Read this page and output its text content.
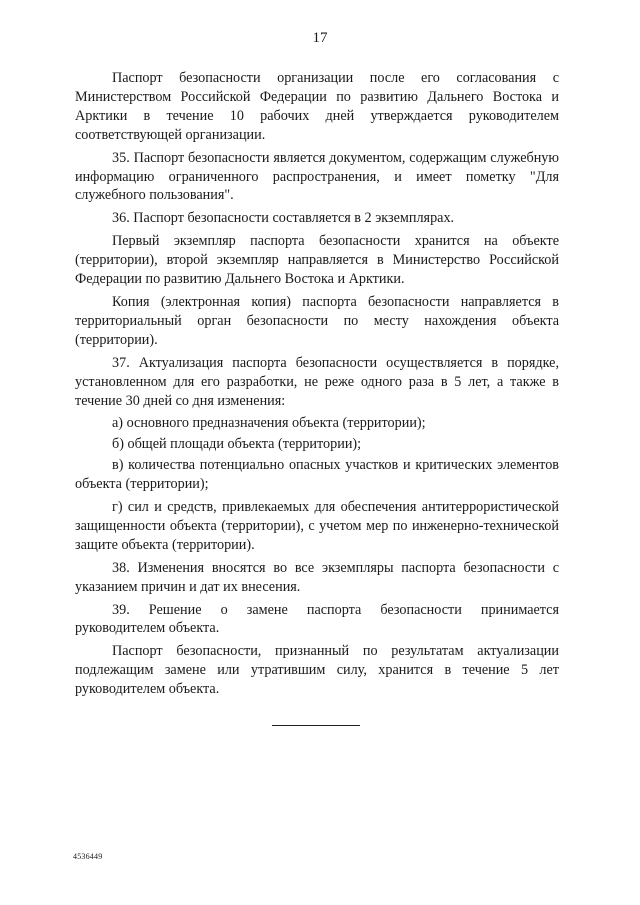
17

Паспорт безопасности организации после его согласования с Министерством Российской Федерации по развитию Дальнего Востока и Арктики в течение 10 рабочих дней утверждается руководителем соответствующей организации.

35. Паспорт безопасности является документом, содержащим служебную информацию ограниченного распространения, и имеет пометку "Для служебного пользования".

36. Паспорт безопасности составляется в 2 экземплярах.

Первый экземпляр паспорта безопасности хранится на объекте (территории), второй экземпляр направляется в Министерство Российской Федерации по развитию Дальнего Востока и Арктики.

Копия (электронная копия) паспорта безопасности направляется в территориальный орган безопасности по месту нахождения объекта (территории).

37. Актуализация паспорта безопасности осуществляется в порядке, установленном для его разработки, не реже одного раза в 5 лет, а также в течение 30 дней со дня изменения:

а) основного предназначения объекта (территории);

б) общей площади объекта (территории);

в) количества потенциально опасных участков и критических элементов объекта (территории);

г) сил и средств, привлекаемых для обеспечения антитеррористической защищенности объекта (территории), с учетом мер по инженерно-технической защите объекта (территории).

38. Изменения вносятся во все экземпляры паспорта безопасности с указанием причин и дат их внесения.

39. Решение о замене паспорта безопасности принимается руководителем объекта.

Паспорт безопасности, признанный по результатам актуализации подлежащим замене или утратившим силу, хранится в течение 5 лет руководителем объекта.

4536449
